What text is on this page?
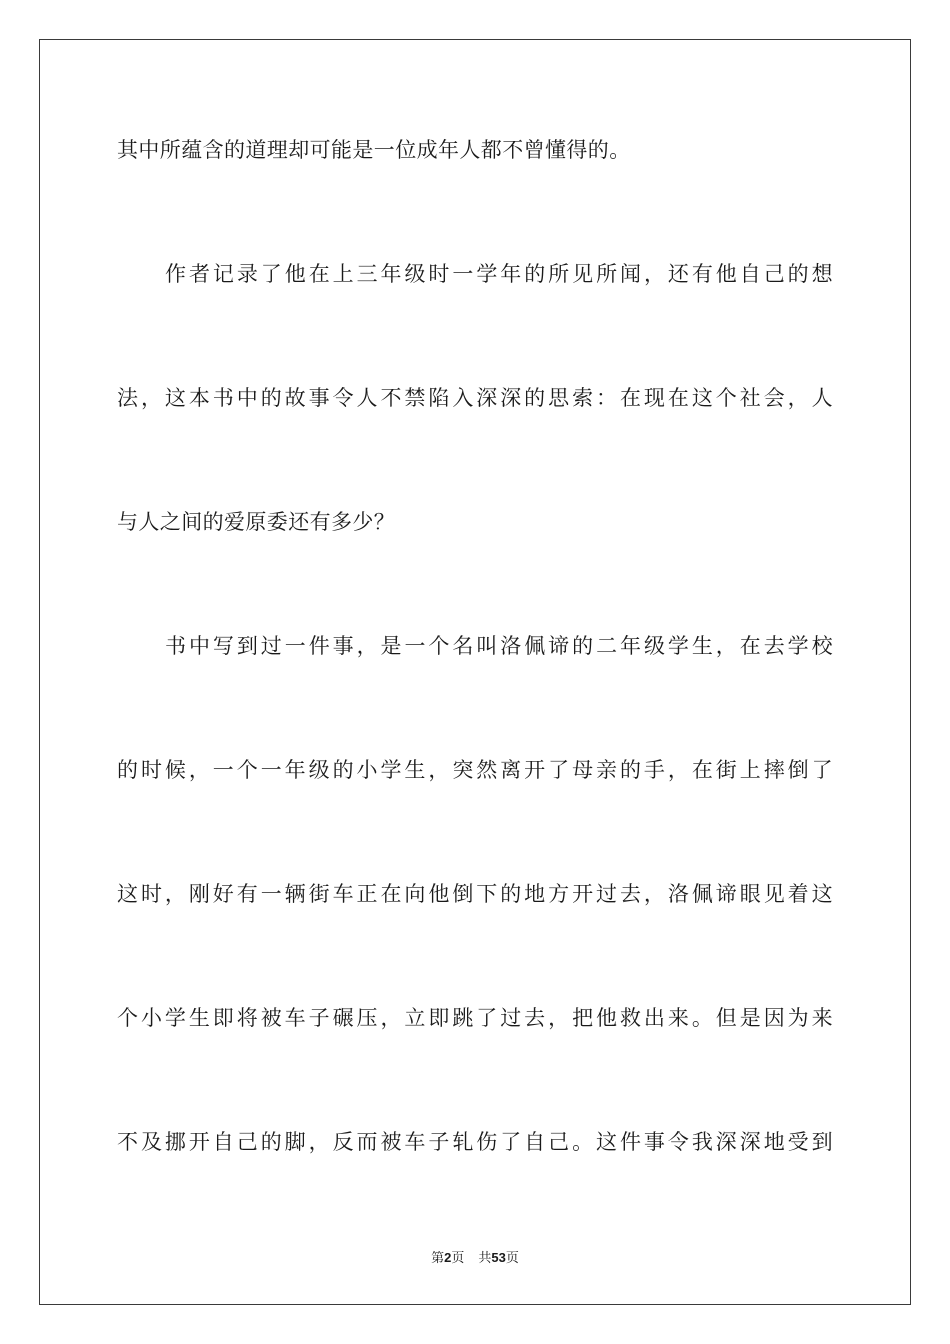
其中所蕴含的道理却可能是一位成年人都不曾懂得的。
作者记录了他在上三年级时一学年的所见所闻，还有他自己的想
法，这本书中的故事令人不禁陷入深深的思索：在现在这个社会，人
与人之间的爱原委还有多少？
书中写到过一件事，是一个名叫洛佩谛的二年级学生，在去学校
的时候，一个一年级的小学生，突然离开了母亲的手，在街上摔倒了
这时，刚好有一辆街车正在向他倒下的地方开过去，洛佩谛眼见着这
个小学生即将被车子碾压，立即跳了过去，把他救出来。但是因为来
不及挪开自己的脚，反而被车子轧伤了自己。这件事令我深深地受到
第2页 共53页
